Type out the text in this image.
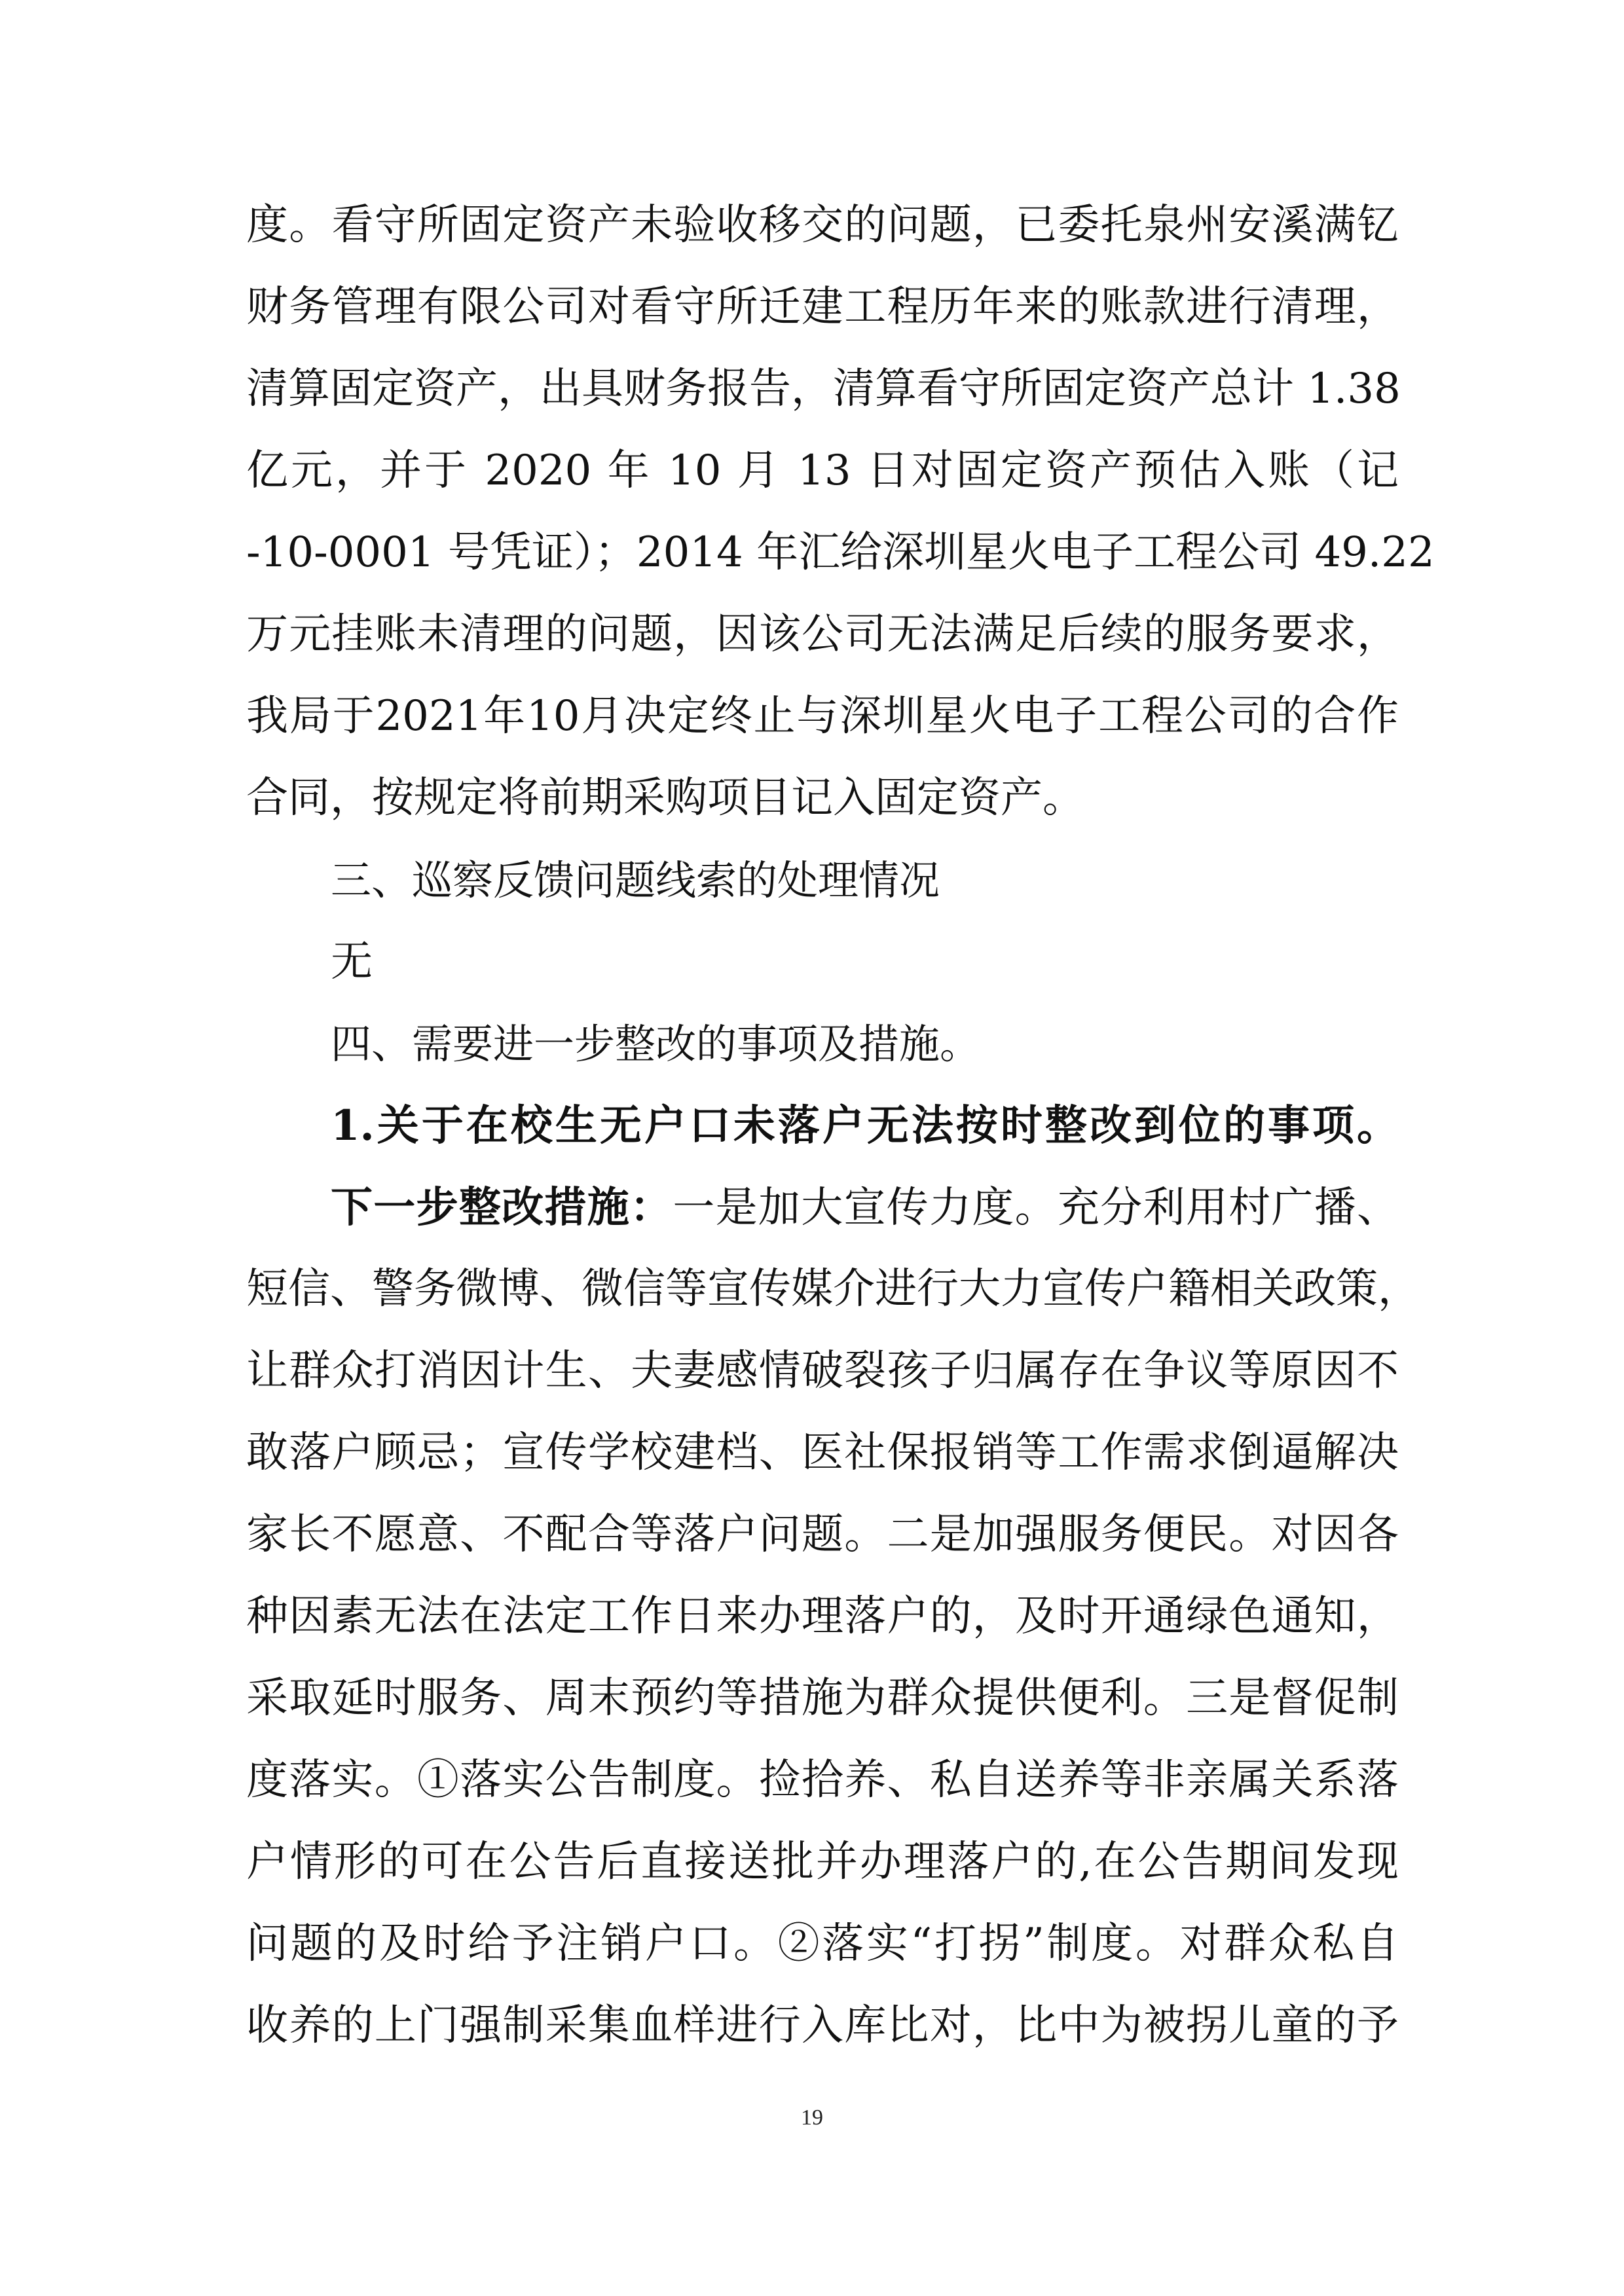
度。看守所固定资产未验收移交的问题，已委托泉州安溪满钇
财务管理有限公司对看守所迁建工程历年来的账款进行清理，
清算固定资产，出具财务报告，清算看守所固定资产总计 1.38
亿元，并于 2020 年 10 月 13 日对固定资产预估入账（记
-10-0001 号凭证）；2014 年汇给深圳星火电子工程公司 49.22
万元挂账未清理的问题，因该公司无法满足后续的服务要求，
我局于2021年10月决定终止与深圳星火电子工程公司的合作
合同，按规定将前期采购项目记入固定资产。
三、巡察反馈问题线索的处理情况
无
四、需要进一步整改的事项及措施。
1.关于在校生无户口未落户无法按时整改到位的事项。
下一步整改措施：一是加大宣传力度。充分利用村广播、
短信、警务微博、微信等宣传媒介进行大力宣传户籍相关政策，
让群众打消因计生、夫妻感情破裂孩子归属存在争议等原因不
敢落户顾忌；宣传学校建档、医社保报销等工作需求倒逼解决
家长不愿意、不配合等落户问题。二是加强服务便民。对因各
种因素无法在法定工作日来办理落户的，及时开通绿色通知，
采取延时服务、周末预约等措施为群众提供便利。三是督促制
度落实。①落实公告制度。捡拾养、私自送养等非亲属关系落
户情形的可在公告后直接送批并办理落户的,在公告期间发现
问题的及时给予注销户口。②落实“打拐”制度。对群众私自
收养的上门强制采集血样进行入库比对，比中为被拐儿童的予
19
